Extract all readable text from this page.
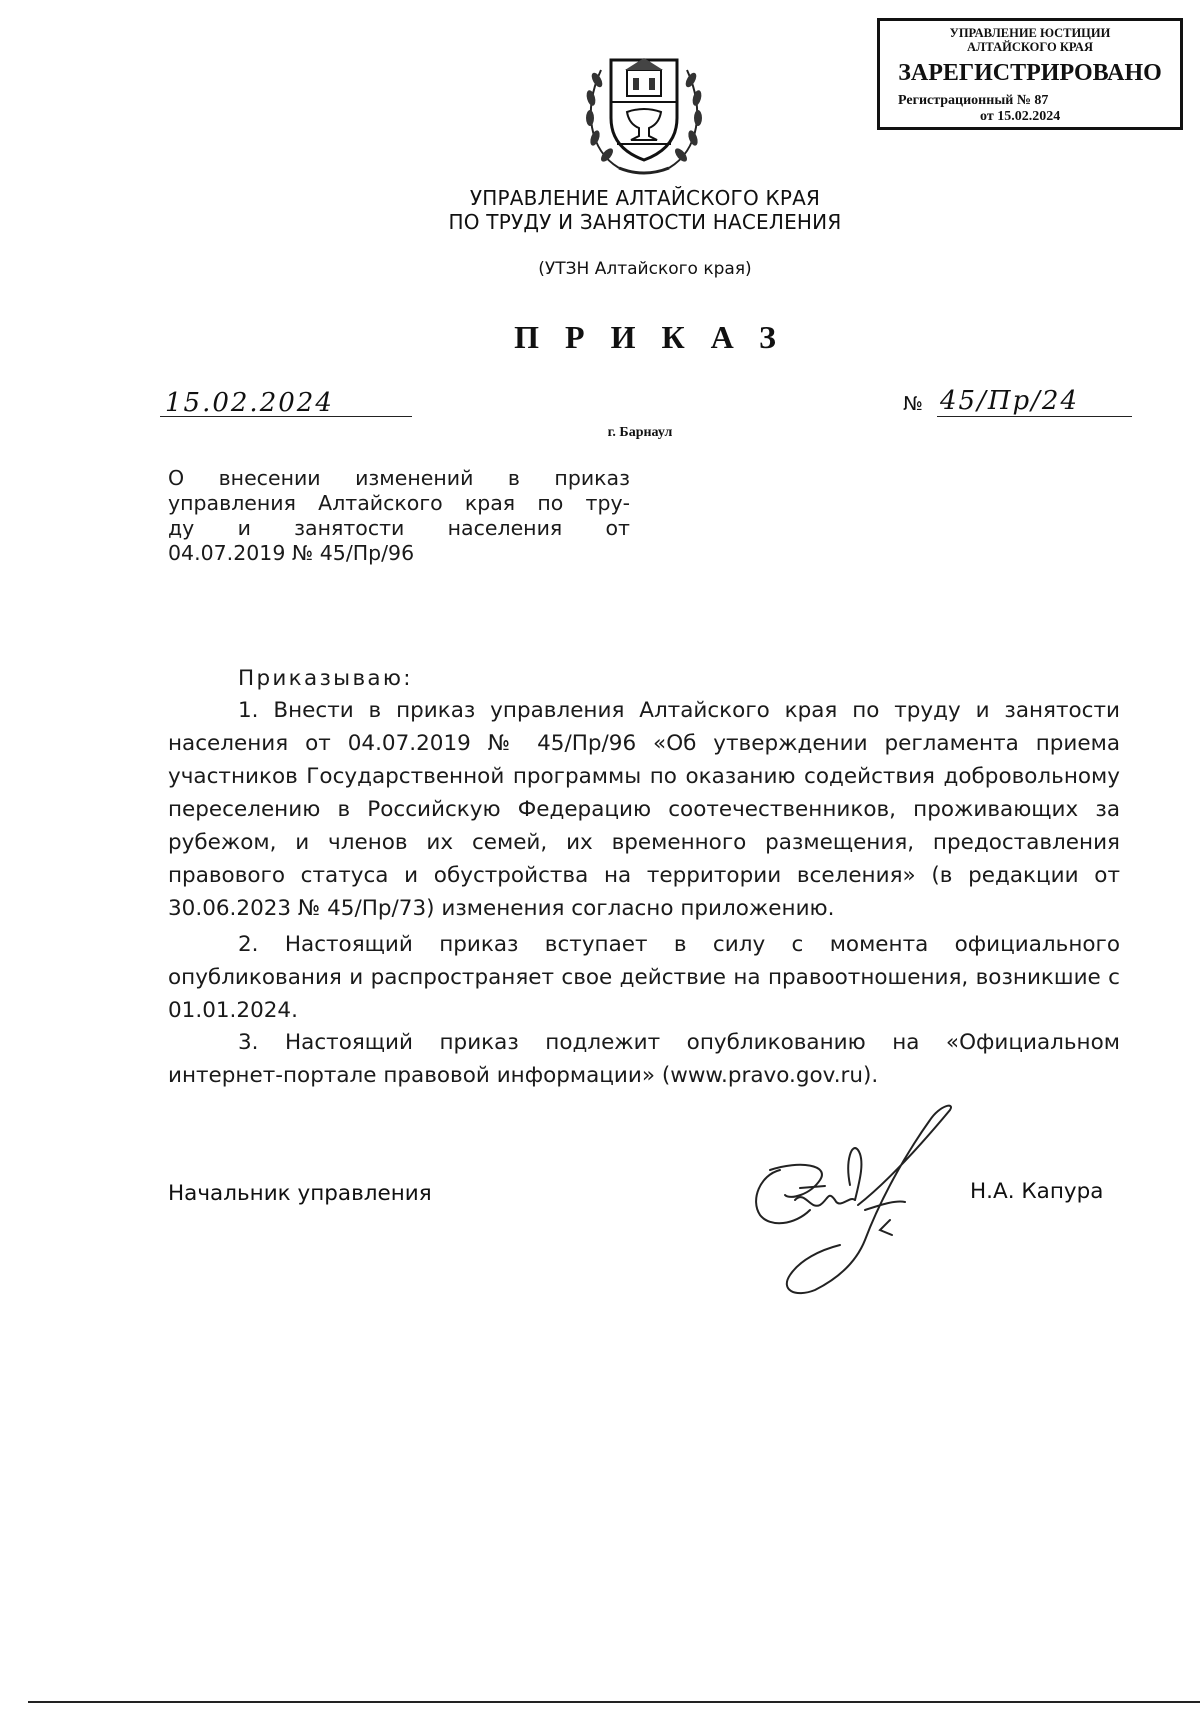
УПРАВЛЕНИЕ ЮСТИЦИИ
АЛТАЙСКОГО КРАЯ
ЗАРЕГИСТРИРОВАНО
Регистрационный № 87
от 15.02.2024
УПРАВЛЕНИЕ АЛТАЙСКОГО КРАЯ
ПО ТРУДУ И ЗАНЯТОСТИ НАСЕЛЕНИЯ
(УТЗН Алтайского края)
ПРИКАЗ
15.02.2024	№ 45/Пр/24
г. Барнаул
О внесении изменений в приказ
управления Алтайского края по тру-
ду и занятости населения от
04.07.2019 № 45/Пр/96
Приказываю:

1. Внести в приказ управления Алтайского края по труду и занятости населения от 04.07.2019 № 45/Пр/96 «Об утверждении регламента приема участников Государственной программы по оказанию содействия добровольному переселению в Российскую Федерацию соотечественников, проживающих за рубежом, и членов их семей, их временного размещения, предоставления правового статуса и обустройства на территории вселения» (в редакции от 30.06.2023 № 45/Пр/73) изменения согласно приложению.

2. Настоящий приказ вступает в силу с момента официального опубликования и распространяет свое действие на правоотношения, возникшие с 01.01.2024.

3. Настоящий приказ подлежит опубликованию на «Официальном интернет-портале правовой информации» (www.pravo.gov.ru).

Начальник управления	Н.А. Капура
